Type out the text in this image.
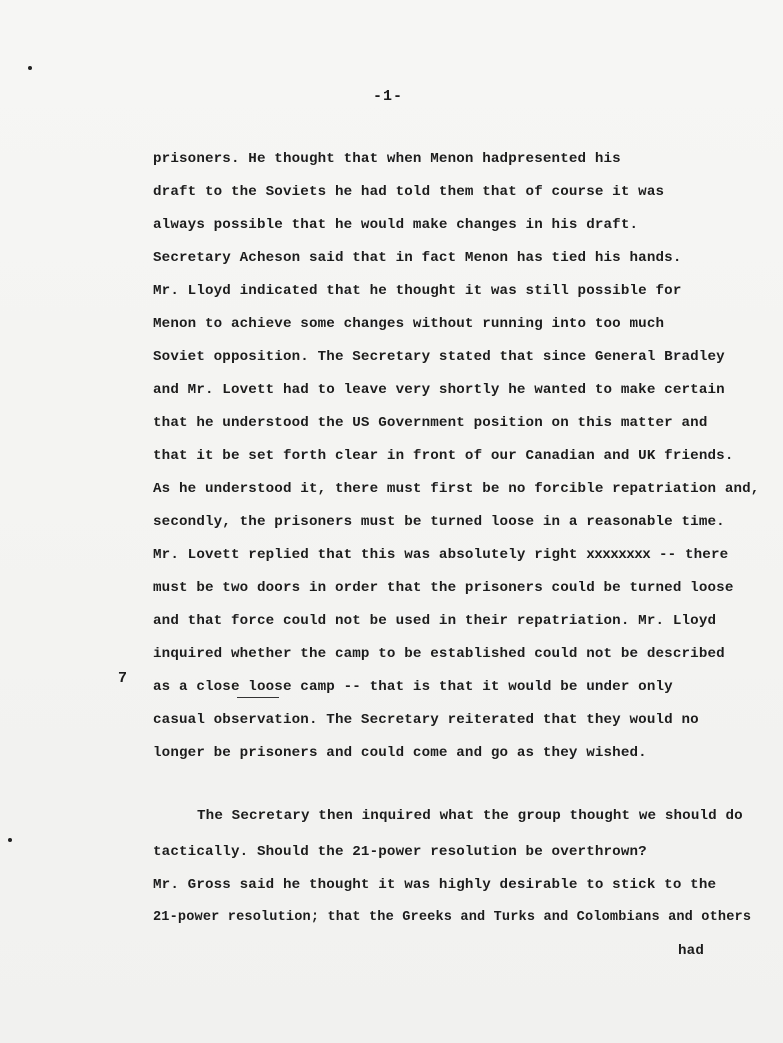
-1-
prisoners. He thought that when Menon hadpresented his
draft to the Soviets he had told them that of course it was
always possible that he would make changes in his draft.
Secretary Acheson said that in fact Menon has tied his hands.
Mr. Lloyd indicated that he thought it was still possible for
Menon to achieve some changes without running into too much
Soviet opposition. The Secretary stated that since General Bradley
and Mr. Lovett had to leave very shortly he wanted to make certain
that he understood the US Government position on this matter and
that it be set forth clear in front of our Canadian and UK friends.
As he understood it, there must first be no forcible repatriation and,
secondly, the prisoners must be turned loose in a reasonable time.
Mr. Lovett replied that this was absolutely right xxxxxxxx -- there
must be two doors in order that the prisoners could be turned loose
and that force could not be used in their repatriation. Mr. Lloyd
inquired whether the camp to be established could not be described
7 as a close loose camp -- that is that it would be under only
casual observation. The Secretary reiterated that they would no
longer be prisoners and could come and go as they wished.
The Secretary then inquired what the group thought we should do
tactically. Should the 21-power resolution be overthrown?
Mr. Gross said he thought it was highly desirable to stick to the
21-power resolution; that the Greeks and Turks and Colombians and others
had
